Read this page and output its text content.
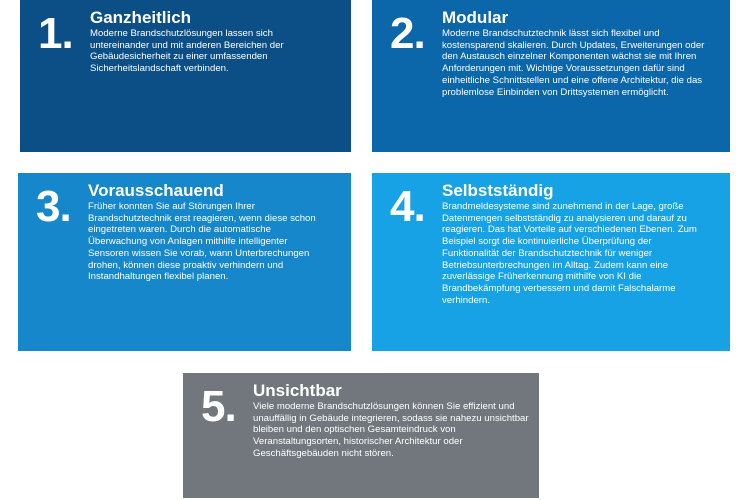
1. Ganzheitlich

Moderne Brandschutzlösungen lassen sich untereinander und mit anderen Bereichen der Gebäudesicherheit zu einer umfassenden Sicherheitslandschaft verbinden.

2. Modular

Moderne Brandschutztechnik lässt sich flexibel und kostensparend skalieren. Durch Updates, Erweiterungen oder den Austausch einzelner Komponenten wächst sie mit Ihren Anforderungen mit. Wichtige Voraussetzungen dafür sind einheitliche Schnittstellen und eine offene Architektur, die das problemlose Einbinden von Drittsystemen ermöglicht.

3. Vorausschauend

Früher konnten Sie auf Störungen Ihrer Brandschutztechnik erst reagieren, wenn diese schon eingetreten waren. Durch die automatische Überwachung von Anlagen mithilfe intelligenter Sensoren wissen Sie vorab, wann Unterbrechungen drohen, können diese proaktiv verhindern und Instandhaltungen flexibel planen.

4. Selbstständig

Brandmeldesysteme sind zunehmend in der Lage, große Datenmengen selbstständig zu analysieren und darauf zu reagieren. Das hat Vorteile auf verschiedenen Ebenen. Zum Beispiel sorgt die kontinuierliche Überprüfung der Funktionalität der Brandschutztechnik für weniger Betriebsunterbrechungen im Alltag. Zudem kann eine zuverlässige Früherkennung mithilfe von KI die Brandbekämpfung verbessern und damit Falschalarme verhindern.

5. Unsichtbar

Viele moderne Brandschutzlösungen können Sie effizient und unauffällig in Gebäude integrieren, sodass sie nahezu unsichtbar bleiben und den optischen Gesamteindruck von Veranstaltungsorten, historischer Architektur oder Geschäftsgebäuden nicht stören.
